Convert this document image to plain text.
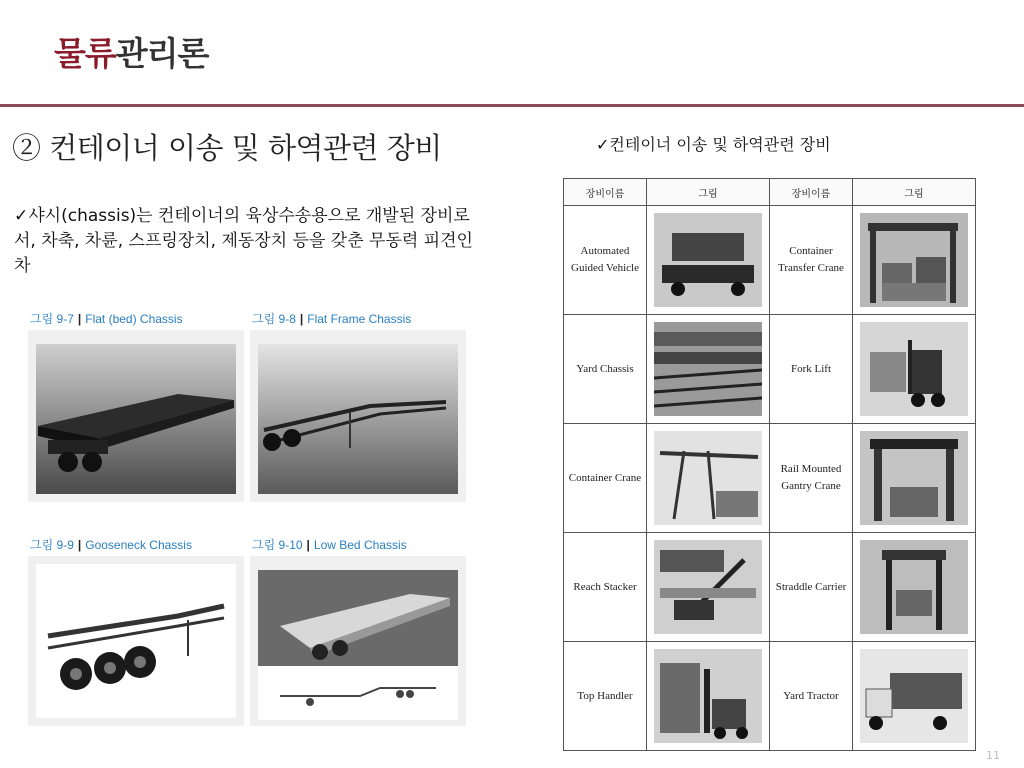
물류관리론
② 컨테이너 이송 및 하역관련 장비	✓컨테이너 이송 및 하역관련 장비
✓샤시(chassis)는 컨테이너의 육상수송용으로 개발된 장비로서, 차축, 차륜, 스프링장치, 제동장치 등을 갖춘 무동력 피견인차
그림 9-7 | Flat (bed) Chassis	그림 9-8 | Flat Frame Chassis
그림 9-9 | Gooseneck Chassis	그림 9-10 | Low Bed Chassis
장비이름	그림	장비이름	그림
Automated Guided Vehicle		Container Transfer Crane	

Yard Chassis		Fork Lift	

Container Crane		Rail Mounted Gantry Crane	

Reach Stacker		Straddle Carrier	

Top Handler		Yard Tractor	
11
